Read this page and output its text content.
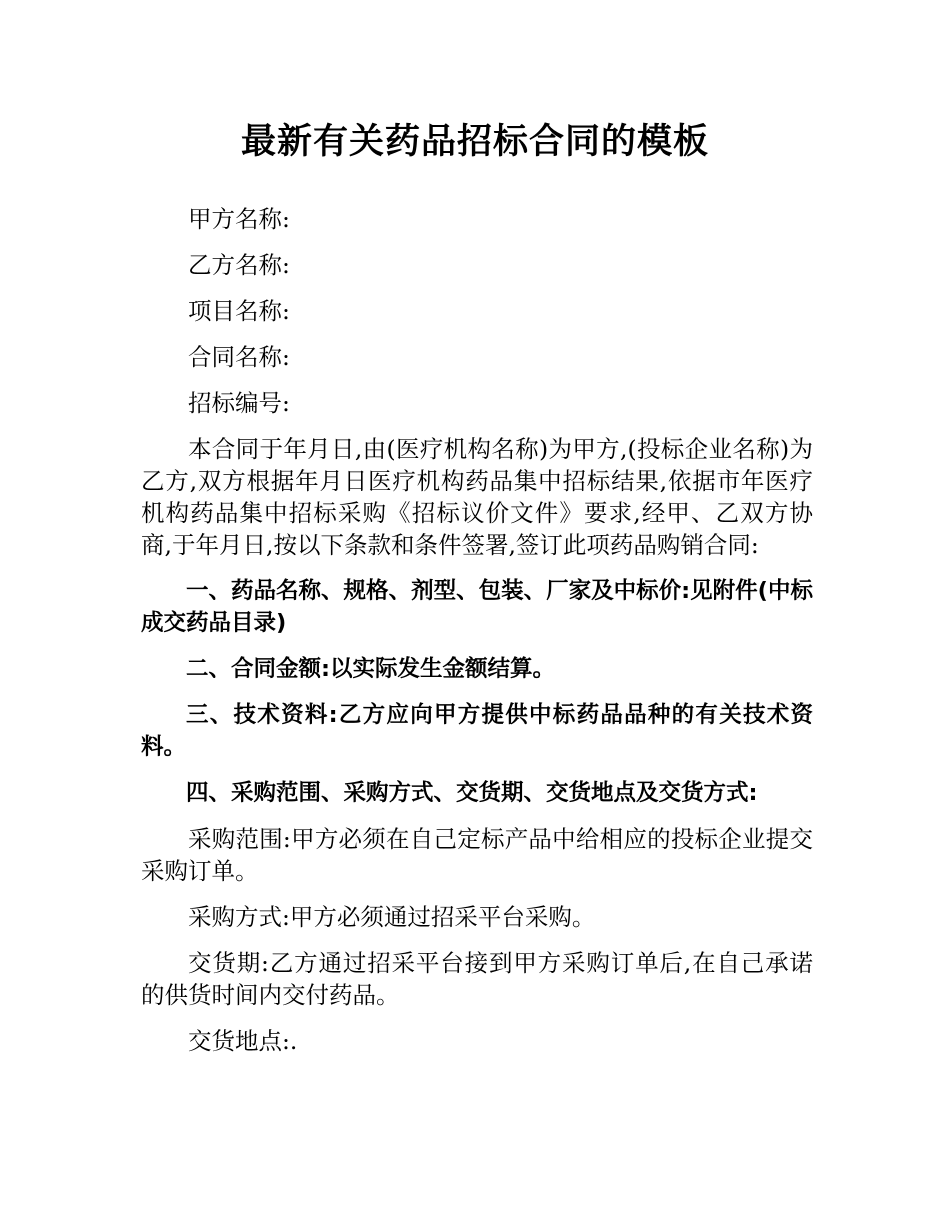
最新有关药品招标合同的模板

甲方名称:

乙方名称:

项目名称:

合同名称:

招标编号:

本合同于年月日,由(医疗机构名称)为甲方,(投标企业名称)为乙方,双方根据年月日医疗机构药品集中招标结果,依据市年医疗机构药品集中招标采购《招标议价文件》要求,经甲、乙双方协商,于年月日,按以下条款和条件签署,签订此项药品购销合同:

一、药品名称、规格、剂型、包装、厂家及中标价:见附件(中标成交药品目录)

二、合同金额:以实际发生金额结算。

三、技术资料:乙方应向甲方提供中标药品品种的有关技术资料。

四、采购范围、采购方式、交货期、交货地点及交货方式:

采购范围:甲方必须在自己定标产品中给相应的投标企业提交采购订单。

采购方式:甲方必须通过招采平台采购。

交货期:乙方通过招采平台接到甲方采购订单后,在自己承诺的供货时间内交付药品。

交货地点:.
